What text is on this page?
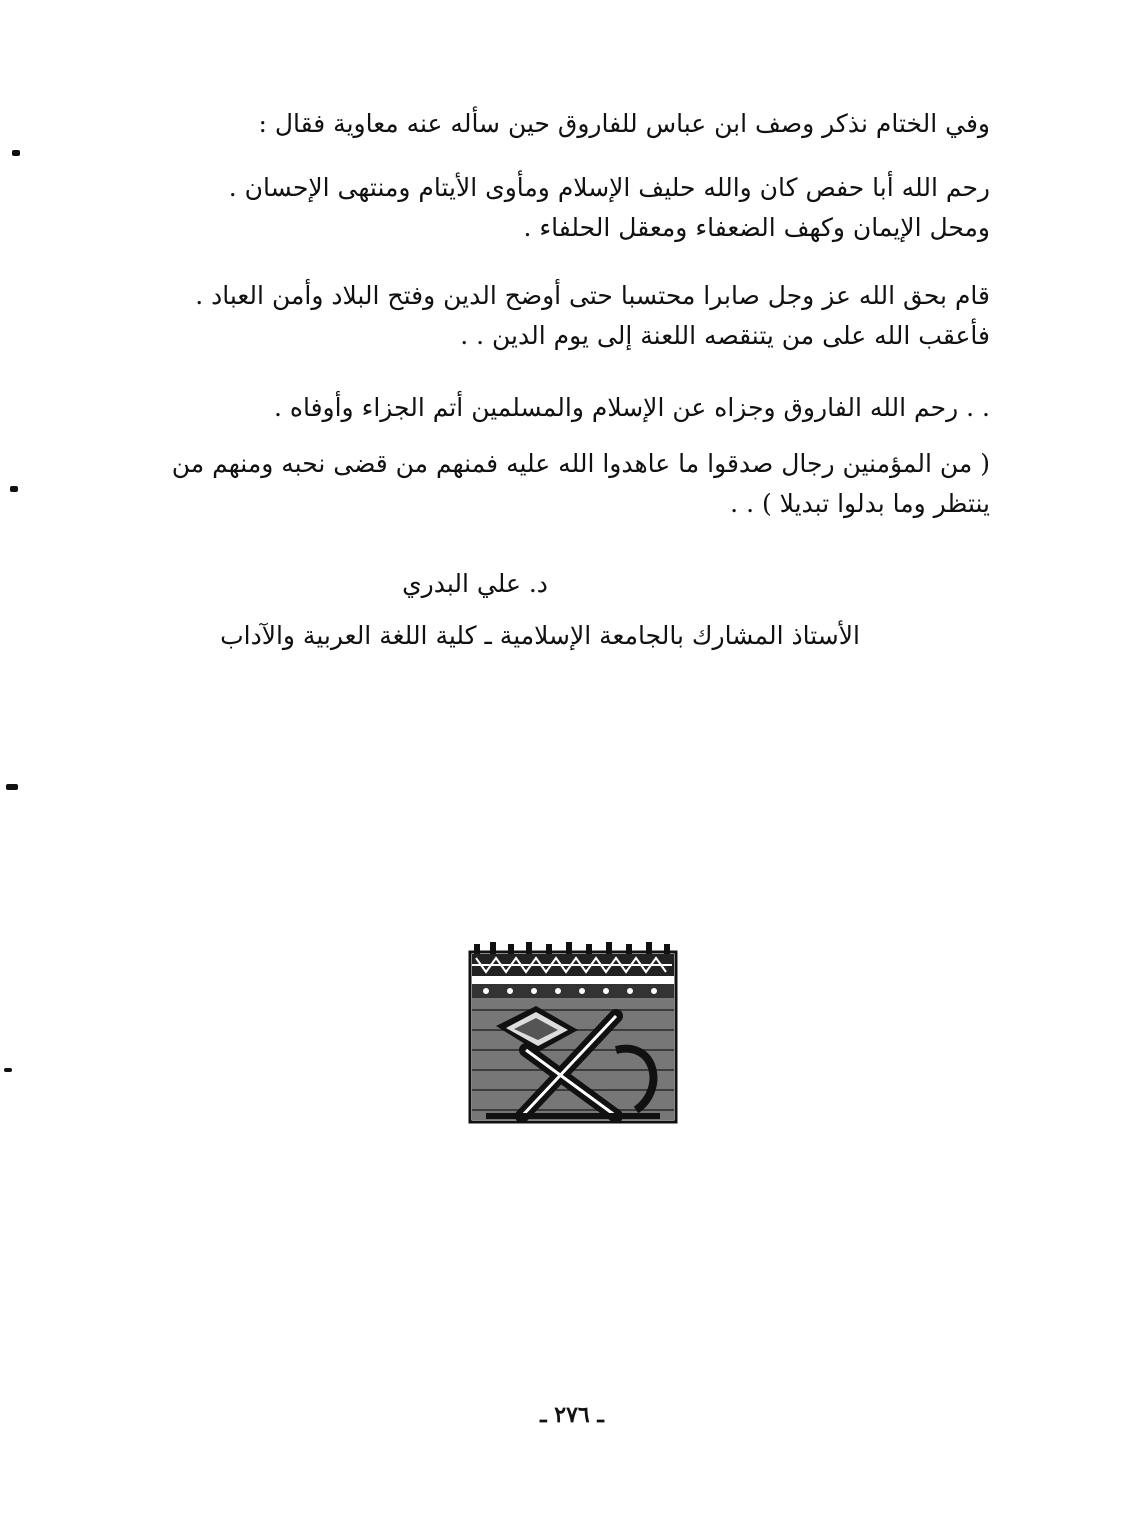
وفي الختام نذكر وصف ابن عباس للفاروق حين سأله عنه معاوية فقال :
رحم الله أبا حفص كان والله حليف الإسلام ومأوى الأيتام ومنتهى الإحسان .
ومحل الإيمان وكهف الضعفاء ومعقل الحلفاء .
قام بحق الله عز وجل صابرا محتسبا حتى أوضح الدين وفتح البلاد وأمن العباد .
فأعقب الله على من يتنقصه اللعنة إلى يوم الدين . .
. . رحم الله الفاروق وجزاه عن الإسلام والمسلمين أتم الجزاء وأوفاه .
( من المؤمنين رجال صدقوا ما عاهدوا الله عليه فمنهم من قضى نحبه ومنهم من
ينتظر وما بدلوا تبديلا ) . .
د. علي البدري
الأستاذ المشارك بالجامعة الإسلامية ـ كلية اللغة العربية والآداب
ـ ٢٧٦ ـ
